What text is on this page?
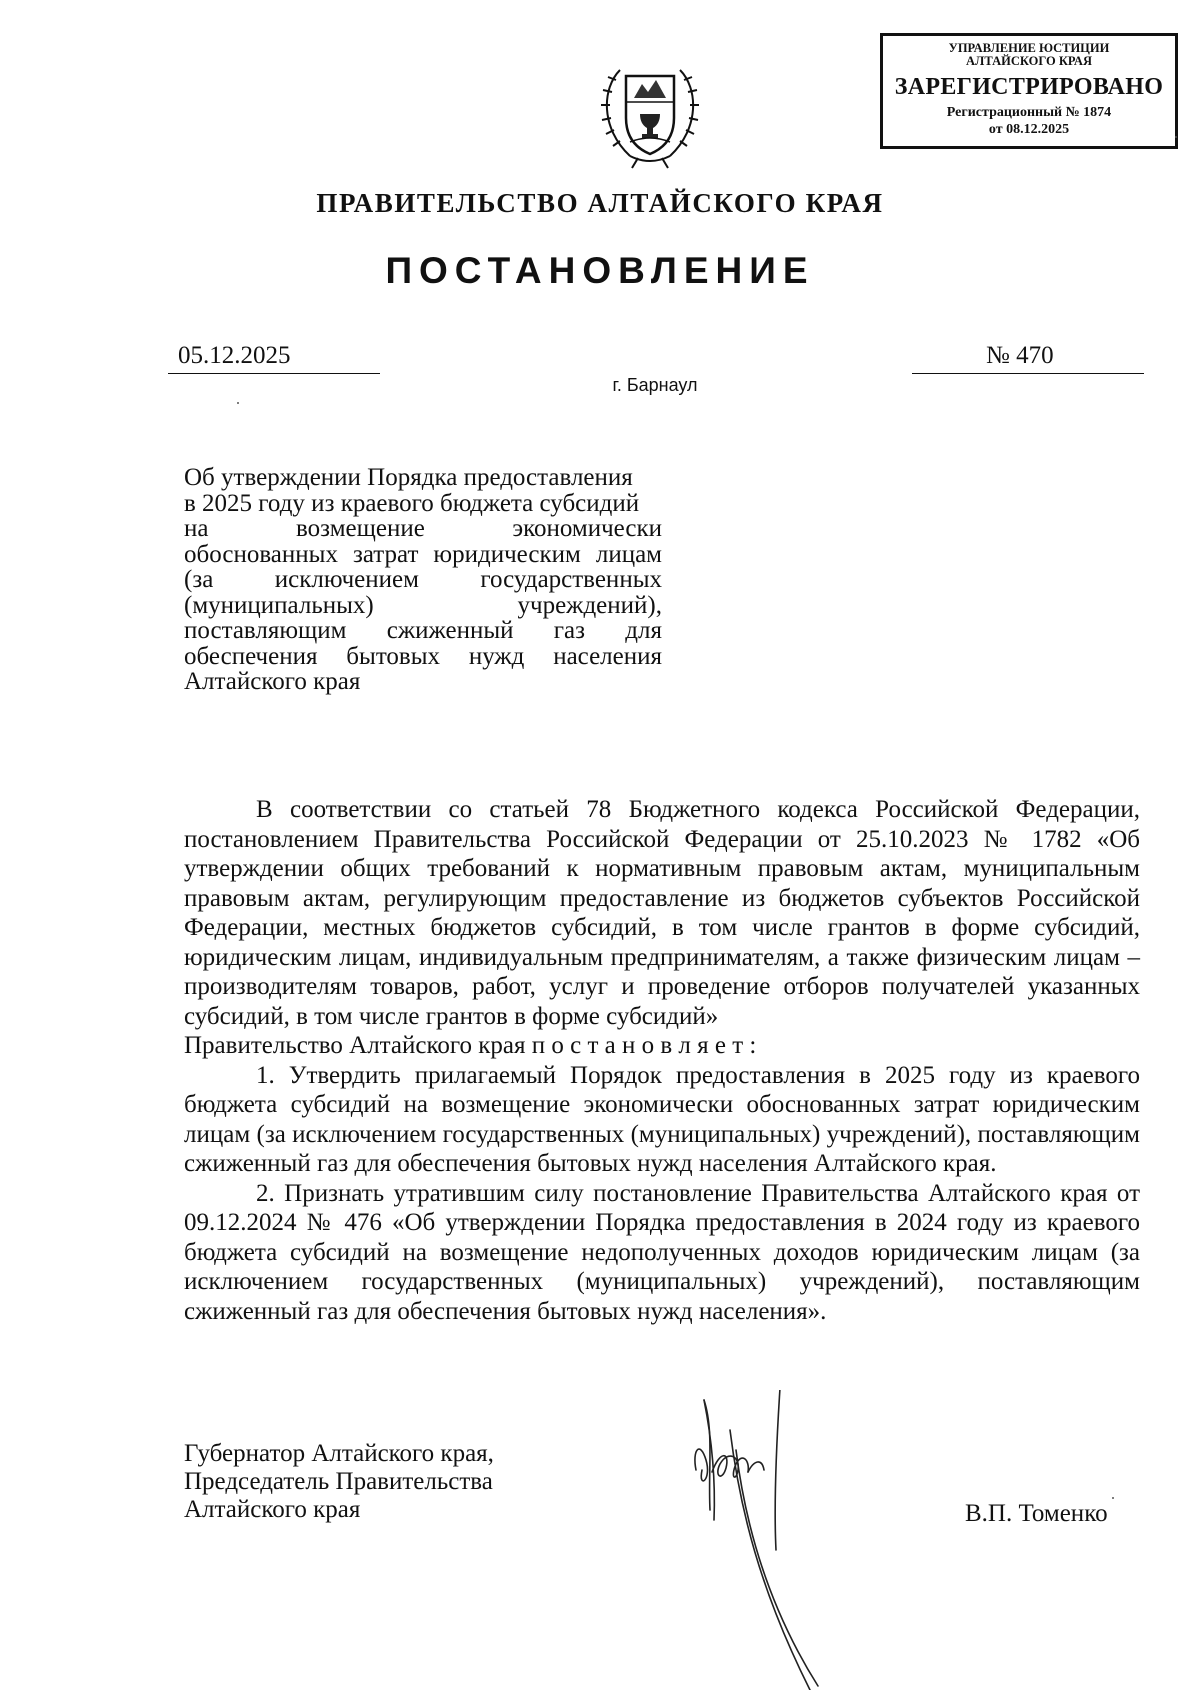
УПРАВЛЕНИЕ ЮСТИЦИИ
АЛТАЙСКОГО КРАЯ
ЗАРЕГИСТРИРОВАНО
Регистрационный № 1874
от 08.12.2025
ПРАВИТЕЛЬСТВО АЛТАЙСКОГО КРАЯ
ПОСТАНОВЛЕНИЕ
05.12.2025	№ 470
г. Барнаул
Об утверждении Порядка предоставления
в 2025 году из краевого бюджета субсидий
на возмещение экономически
обоснованных затрат юридическим лицам
(за исключением государственных
(муниципальных) учреждений),
поставляющим сжиженный газ для
обеспечения бытовых нужд населения
Алтайского края

В соответствии со статьей 78 Бюджетного кодекса Российской Федерации, постановлением Правительства Российской Федерации от 25.10.2023 № 1782 «Об утверждении общих требований к нормативным правовым актам, муниципальным правовым актам, регулирующим предоставление из бюджетов субъектов Российской Федерации, местных бюджетов субсидий, в том числе грантов в форме субсидий, юридическим лицам, индивидуальным предпринимателям, а также физическим лицам – производителям товаров, работ, услуг и проведение отборов получателей указанных субсидий, в том числе грантов в форме субсидий»

Правительство Алтайского края п о с т а н о в л я е т :

1. Утвердить прилагаемый Порядок предоставления в 2025 году из краевого бюджета субсидий на возмещение экономически обоснованных затрат юридическим лицам (за исключением государственных (муниципальных) учреждений), поставляющим сжиженный газ для обеспечения бытовых нужд населения Алтайского края.

2. Признать утратившим силу постановление Правительства Алтайского края от 09.12.2024 № 476 «Об утверждении Порядка предоставления в 2024 году из краевого бюджета субсидий на возмещение недополученных доходов юридическим лицам (за исключением государственных (муниципальных) учреждений), поставляющим сжиженный газ для обеспечения бытовых нужд населения».

Губернатор Алтайского края,
Председатель Правительства
Алтайского края	В.П. Томенко
